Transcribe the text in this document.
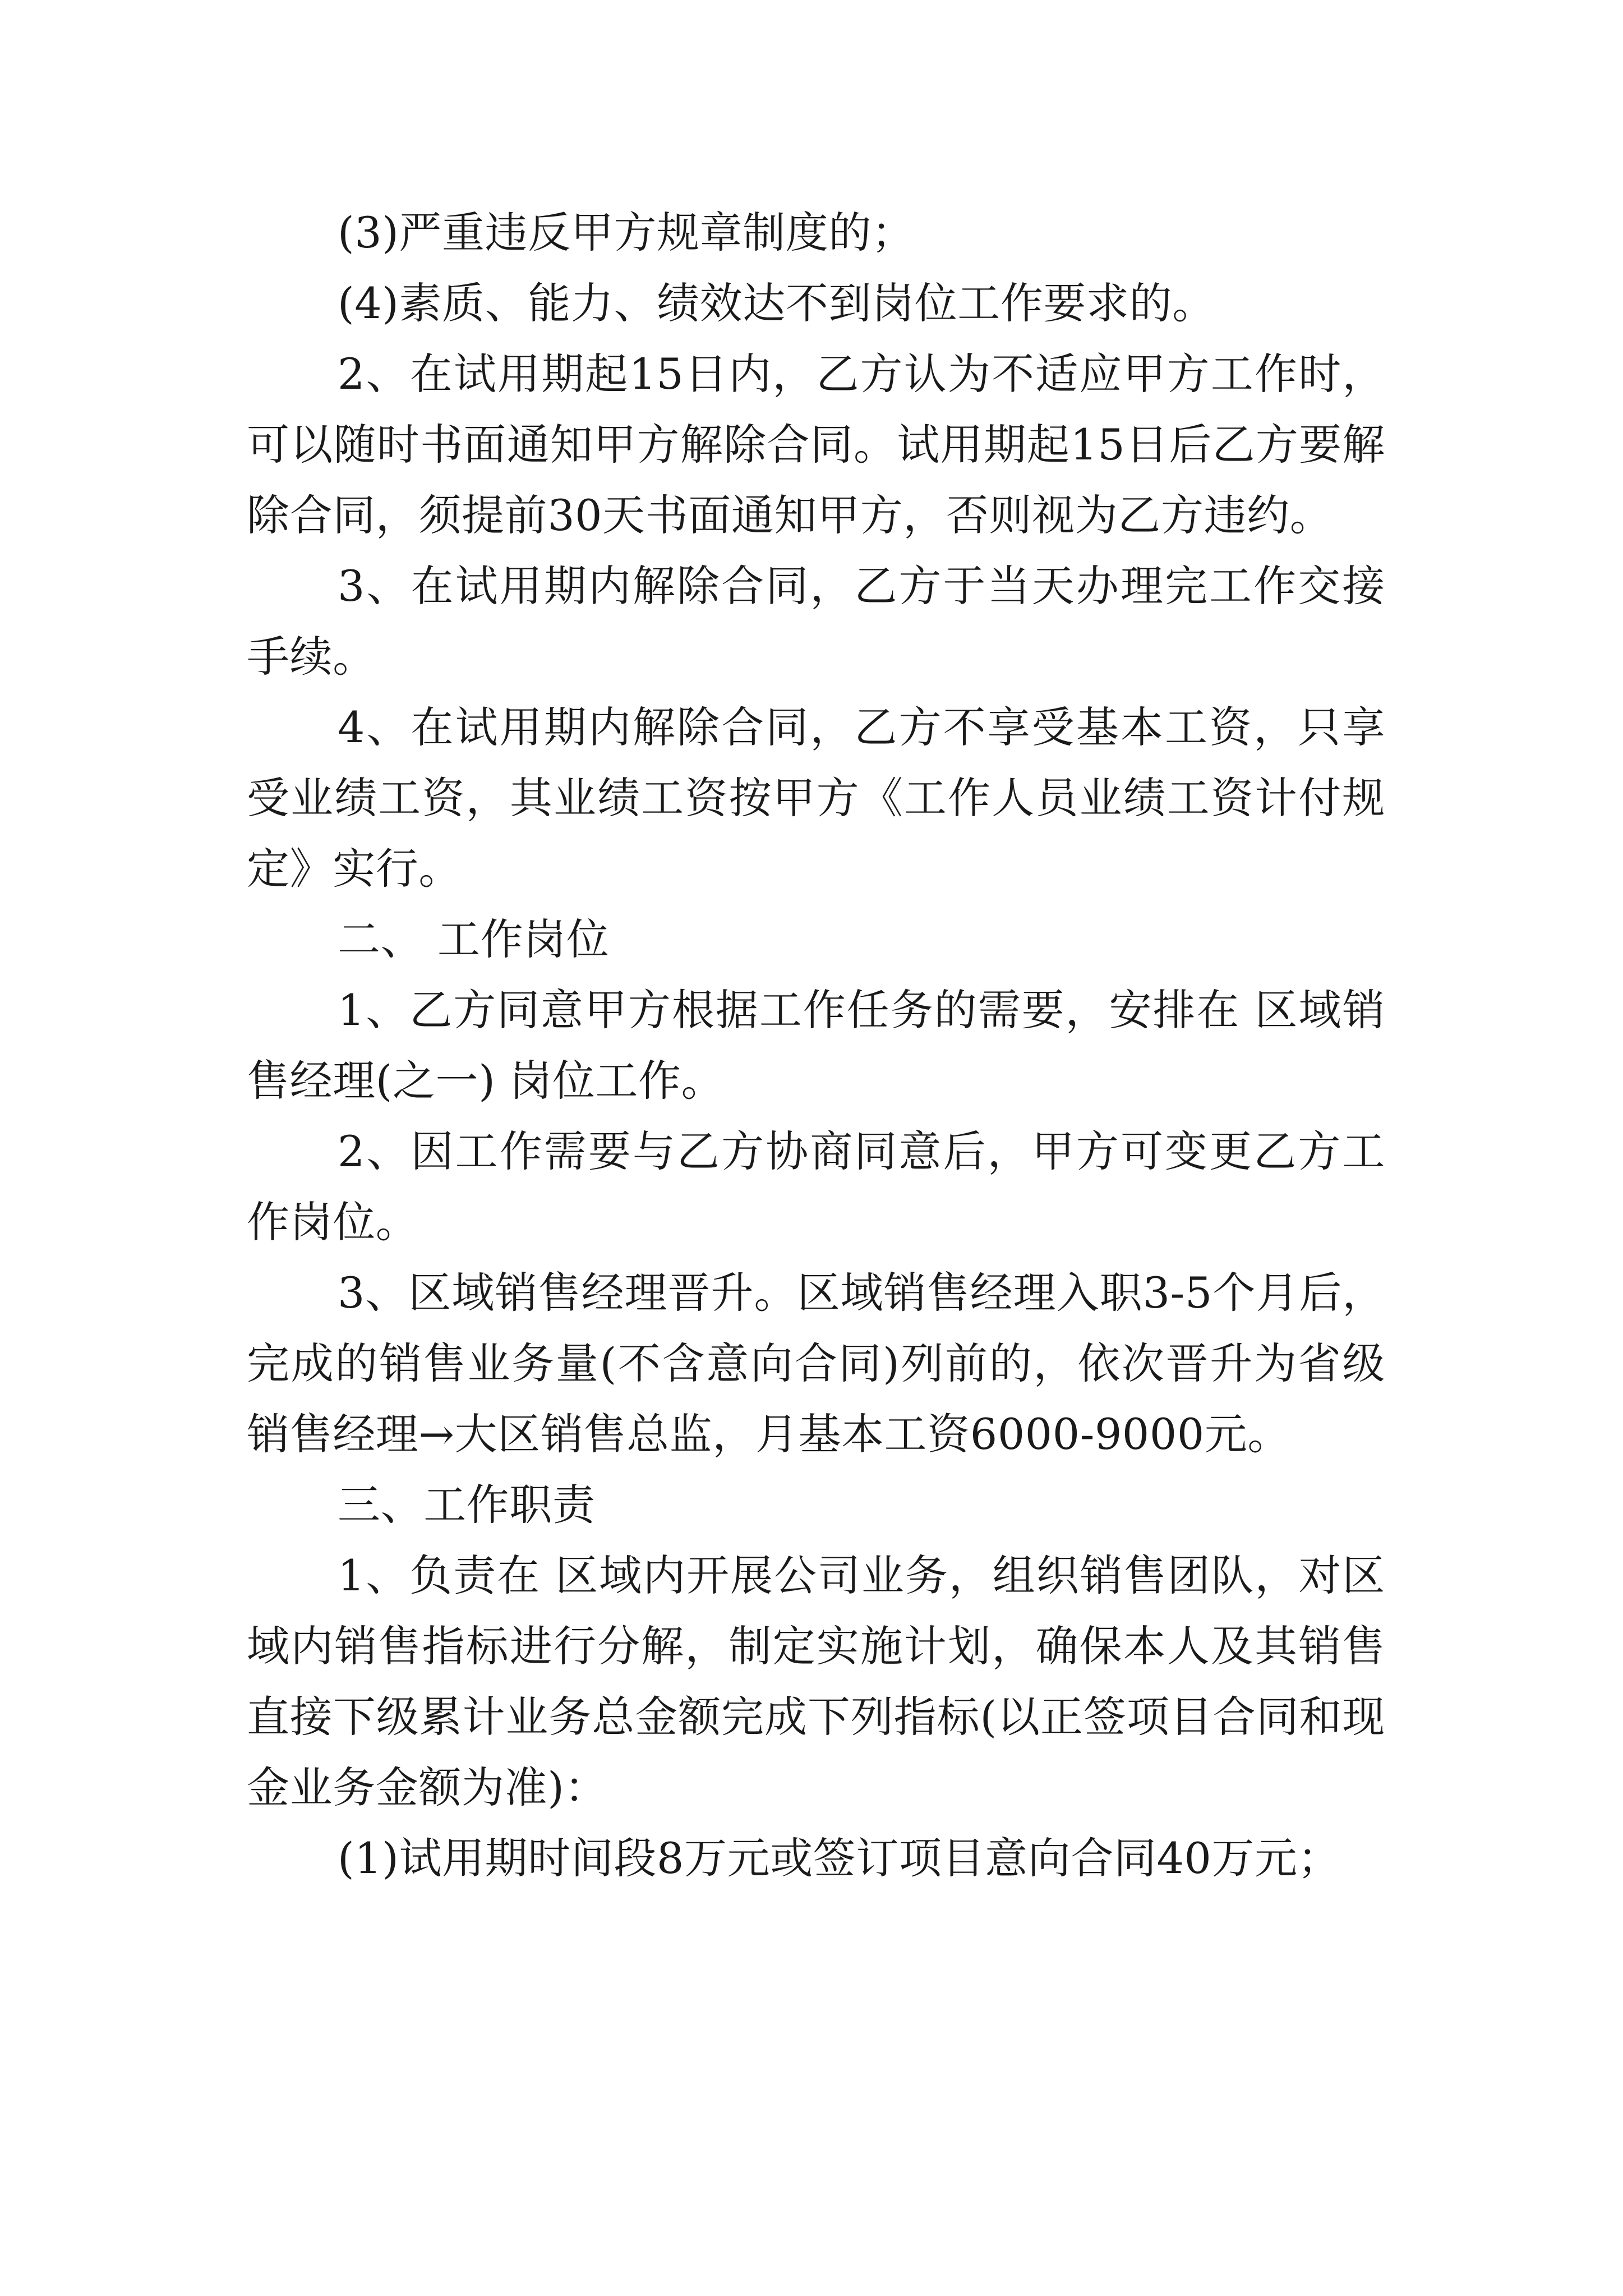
(3)严重违反甲方规章制度的；

(4)素质、能力、绩效达不到岗位工作要求的。

2、在试用期起15日内，乙方认为不适应甲方工作时，可以随时书面通知甲方解除合同。试用期起15日后乙方要解除合同，须提前30天书面通知甲方，否则视为乙方违约。

3、在试用期内解除合同，乙方于当天办理完工作交接手续。

4、在试用期内解除合同，乙方不享受基本工资，只享受业绩工资，其业绩工资按甲方《工作人员业绩工资计付规定》实行。

二、 工作岗位

1、乙方同意甲方根据工作任务的需要，安排在 区域销售经理(之一) 岗位工作。

2、因工作需要与乙方协商同意后，甲方可变更乙方工作岗位。

3、区域销售经理晋升。区域销售经理入职3-5个月后，完成的销售业务量(不含意向合同)列前的，依次晋升为省级销售经理→大区销售总监，月基本工资6000-9000元。

三、工作职责

1、负责在 区域内开展公司业务，组织销售团队，对区域内销售指标进行分解，制定实施计划，确保本人及其销售直接下级累计业务总金额完成下列指标(以正签项目合同和现金业务金额为准)：

(1)试用期时间段8万元或签订项目意向合同40万元；
